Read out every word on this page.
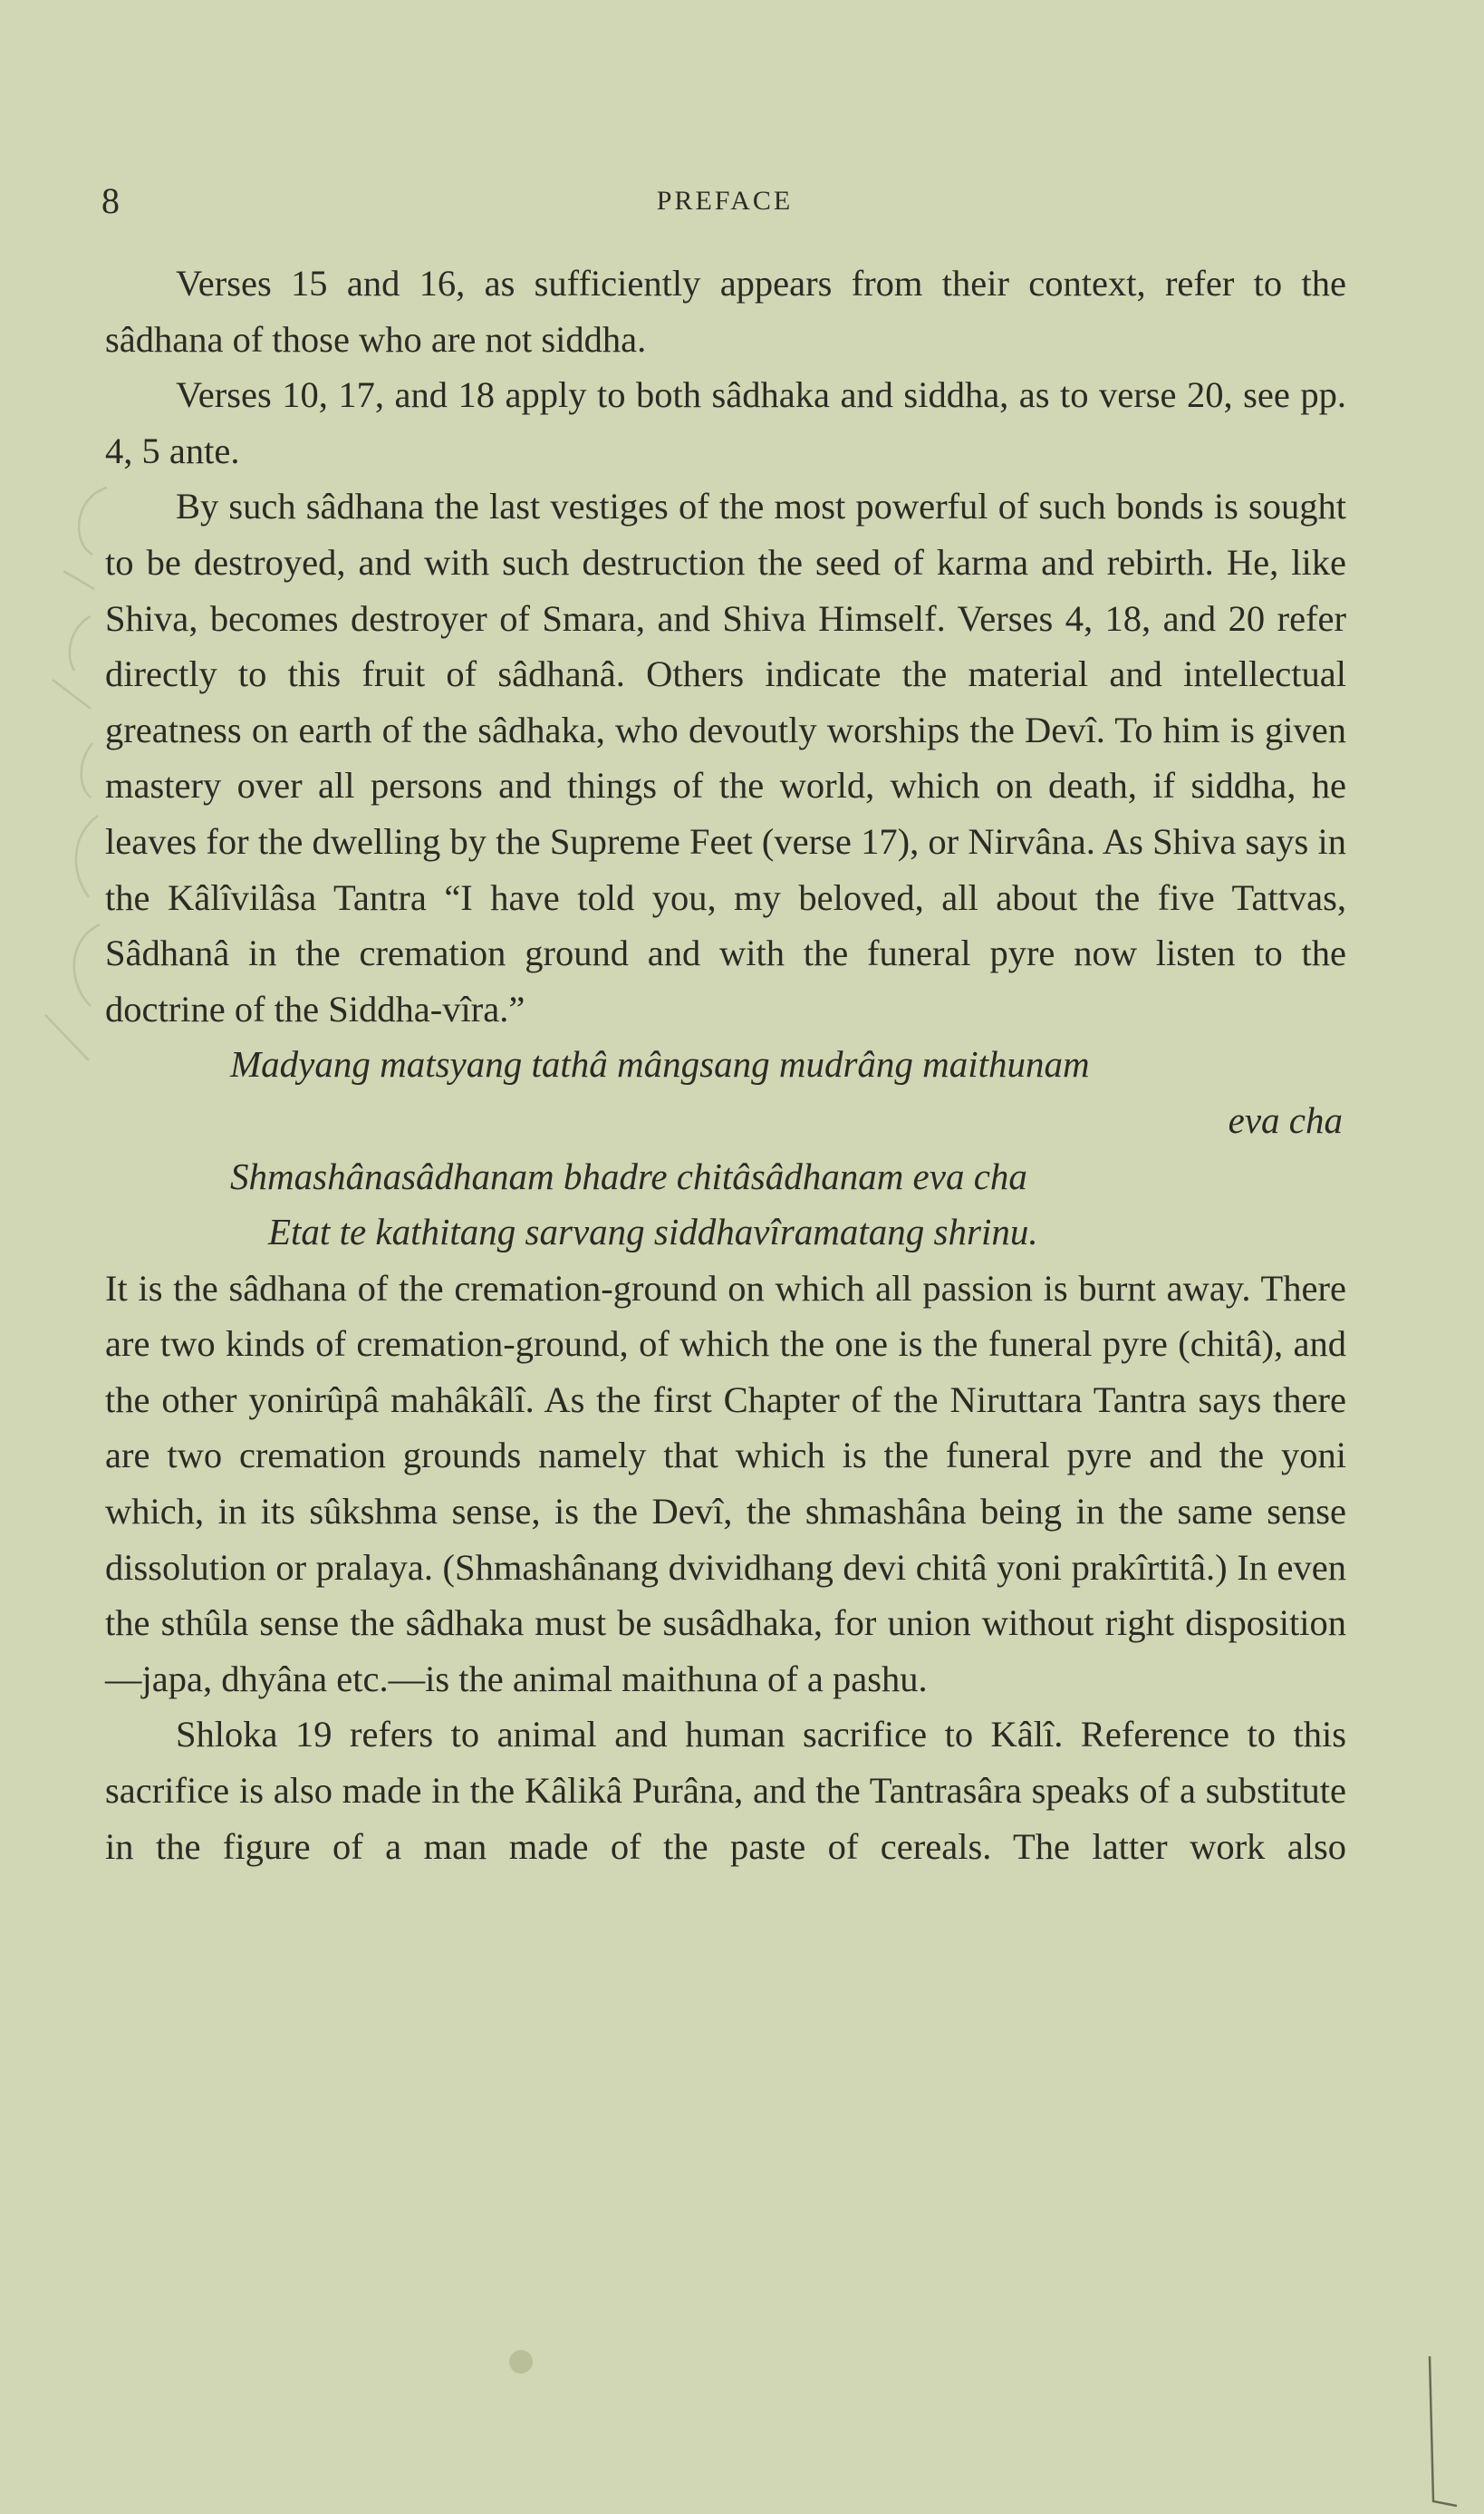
8	PREFACE

Verses 15 and 16, as sufficiently appears from their context, refer to the sâdhana of those who are not siddha.

Verses 10, 17, and 18 apply to both sâdhaka and siddha, as to verse 20, see pp. 4, 5 ante.

By such sâdhana the last vestiges of the most powerful of such bonds is sought to be destroyed, and with such destruction the seed of karma and rebirth. He, like Shiva, becomes destroyer of Smara, and Shiva Himself. Verses 4, 18, and 20 refer directly to this fruit of sâdhanâ. Others indicate the material and intellectual greatness on earth of the sâdhaka, who devoutly worships the Devî. To him is given mastery over all persons and things of the world, which on death, if siddha, he leaves for the dwelling by the Supreme Feet (verse 17), or Nirvâna. As Shiva says in the Kâlîvilâsa Tantra “I have told you, my beloved, all about the five Tattvas, Sâdhanâ in the cremation ground and with the funeral pyre now listen to the doctrine of the Siddha-vîra.”

Madyang matsyang tathâ mângsang mudrâng maithunam
eva cha
Shmashânasâdhanam bhadre chitâsâdhanam eva cha
Etat te kathitang sarvang siddhavîramatang shrinu.

It is the sâdhana of the cremation-ground on which all passion is burnt away. There are two kinds of cremation-ground, of which the one is the funeral pyre (chitâ), and the other yonirûpâ mahâkâlî. As the first Chapter of the Niruttara Tantra says there are two cremation grounds namely that which is the funeral pyre and the yoni which, in its sûkshma sense, is the Devî, the shmashâna being in the same sense dissolution or pralaya. (Shmashânang dvividhang devi chitâ yoni prakîrtitâ.) In even the sthûla sense the sâdhaka must be susâdhaka, for union without right disposition—japa, dhyâna etc.—is the animal maithuna of a pashu.

Shloka 19 refers to animal and human sacrifice to Kâlî. Reference to this sacrifice is also made in the Kâlikâ Purâna, and the Tantrasâra speaks of a substitute in the figure of a man made of the paste of cereals. The latter work also
